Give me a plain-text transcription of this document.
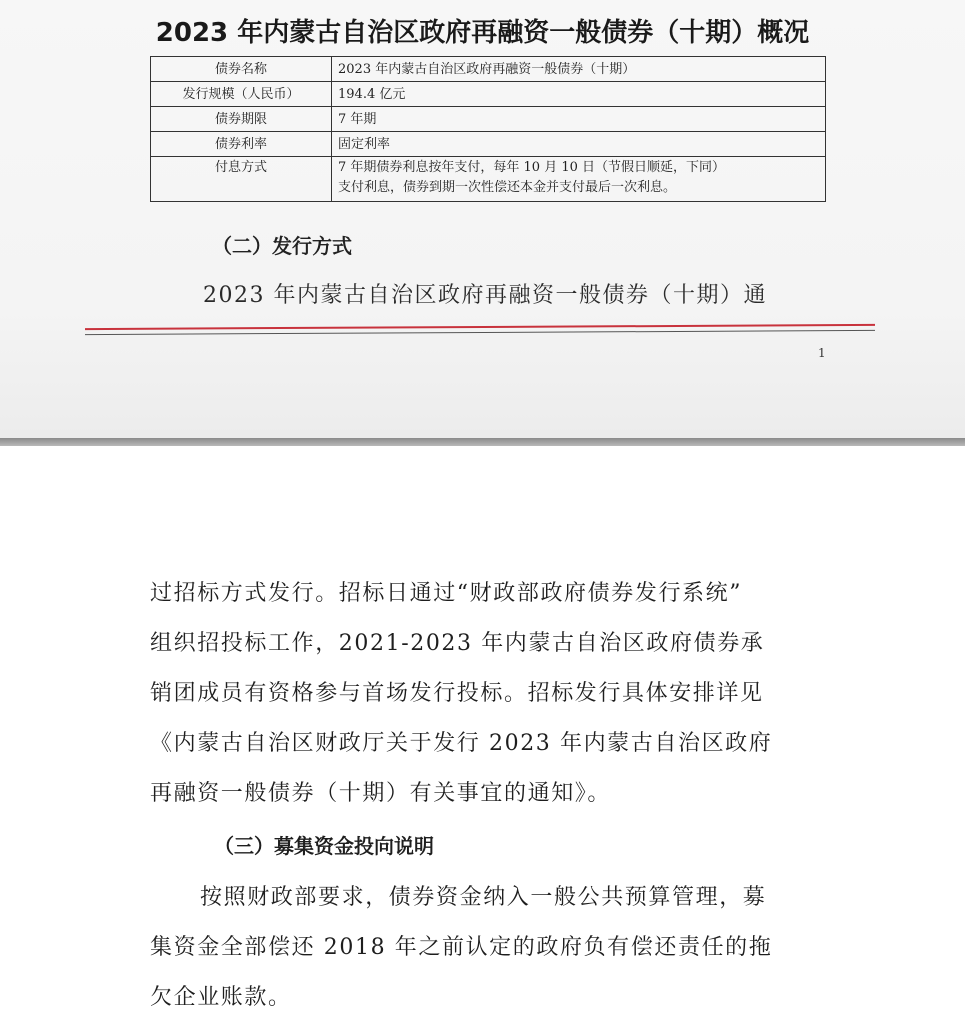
2023 年内蒙古自治区政府再融资一般债券（十期）概况
债券名称	2023 年内蒙古自治区政府再融资一般债券（十期）
发行规模（人民币）	194.4 亿元
债券期限	7 年期
债券利率	固定利率
付息方式	7 年期债券利息按年支付，每年 10 月 10 日（节假日顺延，下同）
支付利息，债券到期一次性偿还本金并支付最后一次利息。
（二）发行方式
2023 年内蒙古自治区政府再融资一般债券（十期）通
1
过招标方式发行。招标日通过“财政部政府债券发行系统”
组织招投标工作，2021-2023 年内蒙古自治区政府债券承
销团成员有资格参与首场发行投标。招标发行具体安排详见
《内蒙古自治区财政厅关于发行 2023 年内蒙古自治区政府
再融资一般债券（十期）有关事宜的通知》。
（三）募集资金投向说明
按照财政部要求，债券资金纳入一般公共预算管理，募
集资金全部偿还 2018 年之前认定的政府负有偿还责任的拖
欠企业账款。
